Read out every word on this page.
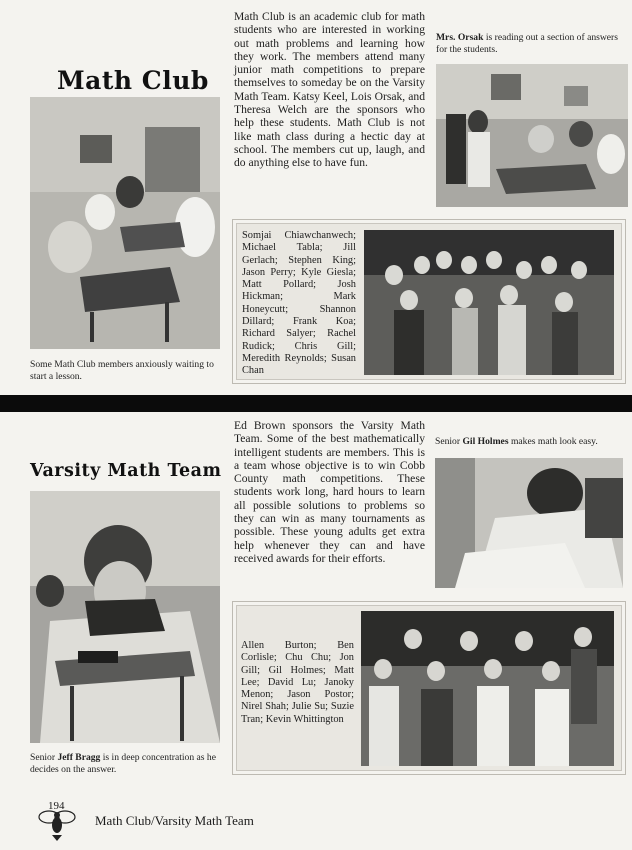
Math Club
Math Club is an academic club for math students who are interested in working out math problems and learning how they work. The members attend many junior math competitions to prepare themselves to someday be on the Varsity Math Team. Katsy Keel, Lois Orsak, and Theresa Welch are the sponsors who help these students. Math Club is not like math class during a hectic day at school. The members cut up, laugh, and do anything else to have fun.
Some Math Club members anxiously waiting to start a lesson.
Mrs. Orsak is reading out a section of answers for the students.
Somjai Chiawchanwech; Michael Tabla; Jill Gerlach; Stephen King; Jason Perry; Kyle Giesla; Matt Pollard; Josh Hickman; Mark Honeycutt; Shannon Dillard; Frank Koa; Richard Salyer; Rachel Rudick; Chris Gill; Meredith Reynolds; Susan Chan
Varsity Math Team
Ed Brown sponsors the Varsity Math Team. Some of the best mathematically intelligent students are members. This is a team whose objective is to win Cobb County math competitions. These students work long, hard hours to learn all possible solutions to problems so they can win as many tournaments as possible. These young adults get extra help whenever they can and have received awards for their efforts.
Senior Gil Holmes makes math look easy.
Senior Jeff Bragg is in deep concentration as he decides on the answer.
Allen Burton; Ben Corlisle; Chu Chu; Jon Gill; Gil Holmes; Matt Lee; David Lu; Janoky Menon; Jason Postor; Nirel Shah; Julie Su; Suzie Tran; Kevin Whittington
194
Math Club/Varsity Math Team
